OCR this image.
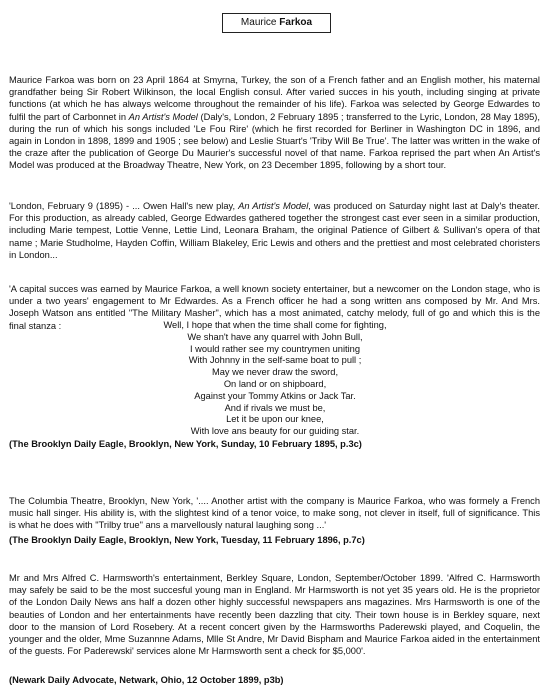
Maurice Farkoa

Maurice Farkoa was born on 23 April 1864 at Smyrna, Turkey, the son of a French father and an English mother, his maternal grandfather being Sir Robert Wilkinson, the local English consul. After varied succes in his youth, including singing at private functions (at which he has always welcome throughout the remainder of his life). Farkoa was selected by George Edwardes to fulfil the part of Carbonnet in An Artist's Model (Daly's, London, 2 February 1895 ; transferred to the Lyric, London, 28 May 1895), during the run of which his songs included 'Le Fou Rire' (which he first recorded for Berliner in Washington DC in 1896, and again in London in 1898, 1899 and 1905 ; see below) and Leslie Stuart's 'Triby Will Be True'. The latter was written in the wake of the craze after the publication of George Du Maurier's successful novel of that name. Farkoa reprised the part when An Artist's Model was produced at the Broadway Theatre, New York, on 23 December 1895, following by a short tour.

'London, February 9 (1895) - ... Owen Hall's new play, An Artist's Model, was produced on Saturday night last at Daly's theater. For this production, as already cabled, George Edwardes gathered together the strongest cast ever seen in a similar production, including Marie tempest, Lottie Venne, Lettie Lind, Leonara Braham, the original Patience of Gilbert & Sullivan's opera of that name ; Marie Studholme, Hayden Coffin, William Blakeley, Eric Lewis and others and the prettiest and most celebrated choristers in London...

'A capital succes was earned by Maurice Farkoa, a well known society entertainer, but a newcomer on the London stage, who is under a two years' engagement to Mr Edwardes. As a French officer he had a song written ans composed by Mr. And Mrs. Joseph Watson ans entitled "The Military Masher", which has a most animated, catchy melody, full of go and which this is the final stanza :	Well, I hope that when the time shall come for fighting,
We shan't have any quarrel with John Bull,
I would rather see my countrymen uniting
With Johnny in the self-same boat to pull ;
May we never draw the sword,
On land or on shipboard,
Against your Tommy Atkins or Jack Tar.
And if rivals we must be,
Let it be upon our knee,
With love ans beauty for our guiding star.

(The Brooklyn Daily Eagle, Brooklyn, New York, Sunday, 10 February 1895, p.3c)

The Columbia Theatre, Brooklyn, New York, '.... Another artist with the company is Maurice Farkoa, who was formely a French music hall singer. His ability is, with the slightest kind of a tenor voice, to make song, not clever in itself, full of significance. This is what he does with "Trilby true" ans a marvellously natural laughing song ...'

(The Brooklyn Daily Eagle, Brooklyn, New York, Tuesday, 11 February 1896, p.7c)

Mr and Mrs Alfred C. Harmsworth's entertainment, Berkley Square, London, September/October 1899. 'Alfred C. Harmsworth may safely be said to be the most succesful young man in England. Mr Harmsworth is not yet 35 years old. He is the proprietor of the London Daily News ans half a dozen other highly successful newspapers ans magazines. Mrs Harmsworth is one of the beauties of London and her entertainments have recently been dazzling that city. Their town house is in Berkley square, next door to the mansion of Lord Rosebery. At a recent concert given by the Harmsworths Paderewski played, and Coquelin, the younger and the older, Mme Suzannne Adams, Mlle St Andre, Mr David Bispham and Maurice Farkoa aided in the entertainment of the guests. For Paderewski' services alone Mr Harmsworth sent a check for $5,000'.

(Newark Daily Advocate, Netwark, Ohio, 12 October 1899, p3b)
